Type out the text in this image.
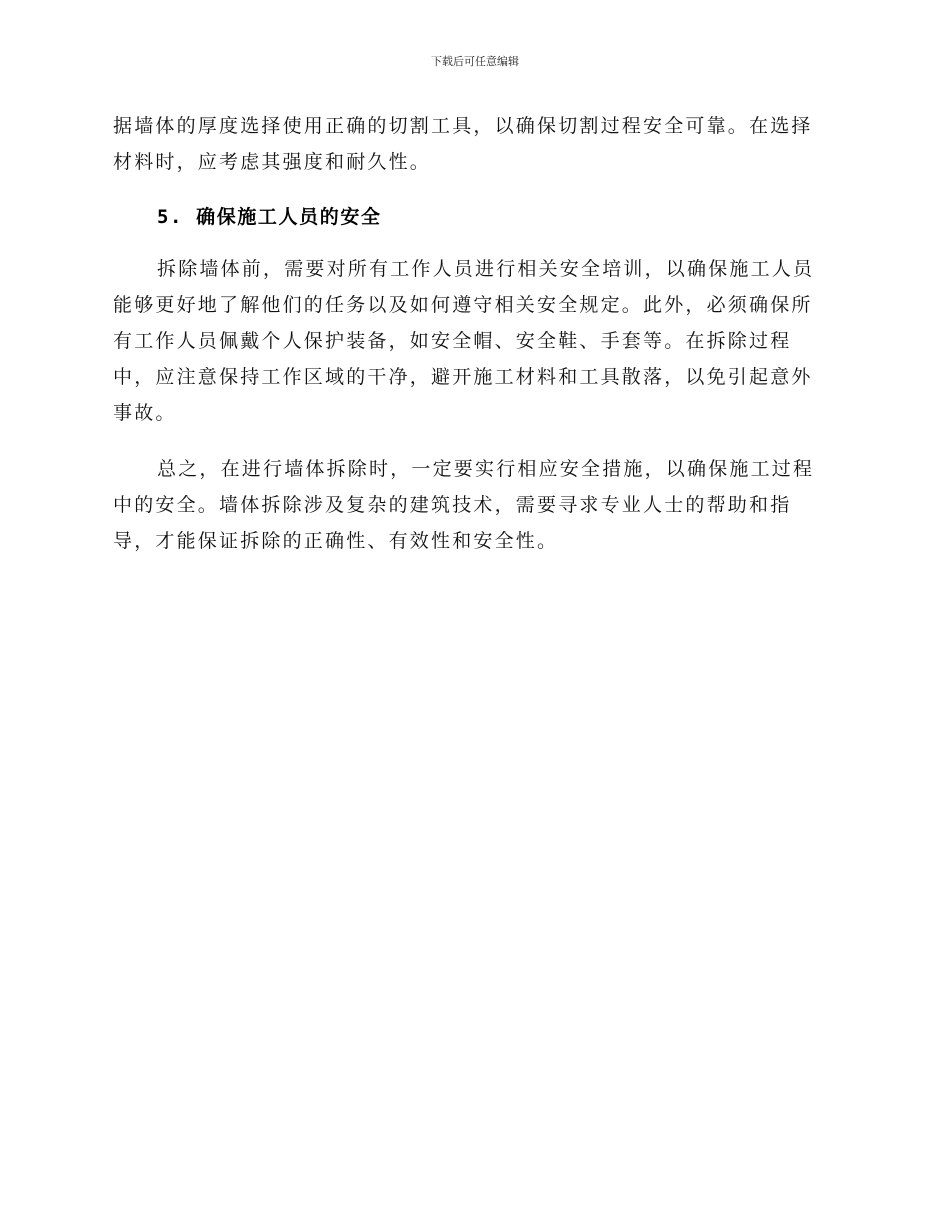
下载后可任意编辑

据墙体的厚度选择使用正确的切割工具，以确保切割过程安全可靠。在选择材料时，应考虑其强度和耐久性。

5. 确保施工人员的安全

拆除墙体前，需要对所有工作人员进行相关安全培训，以确保施工人员能够更好地了解他们的任务以及如何遵守相关安全规定。此外，必须确保所有工作人员佩戴个人保护装备，如安全帽、安全鞋、手套等。在拆除过程中，应注意保持工作区域的干净，避开施工材料和工具散落，以免引起意外事故。

总之，在进行墙体拆除时，一定要实行相应安全措施，以确保施工过程中的安全。墙体拆除涉及复杂的建筑技术，需要寻求专业人士的帮助和指导，才能保证拆除的正确性、有效性和安全性。
